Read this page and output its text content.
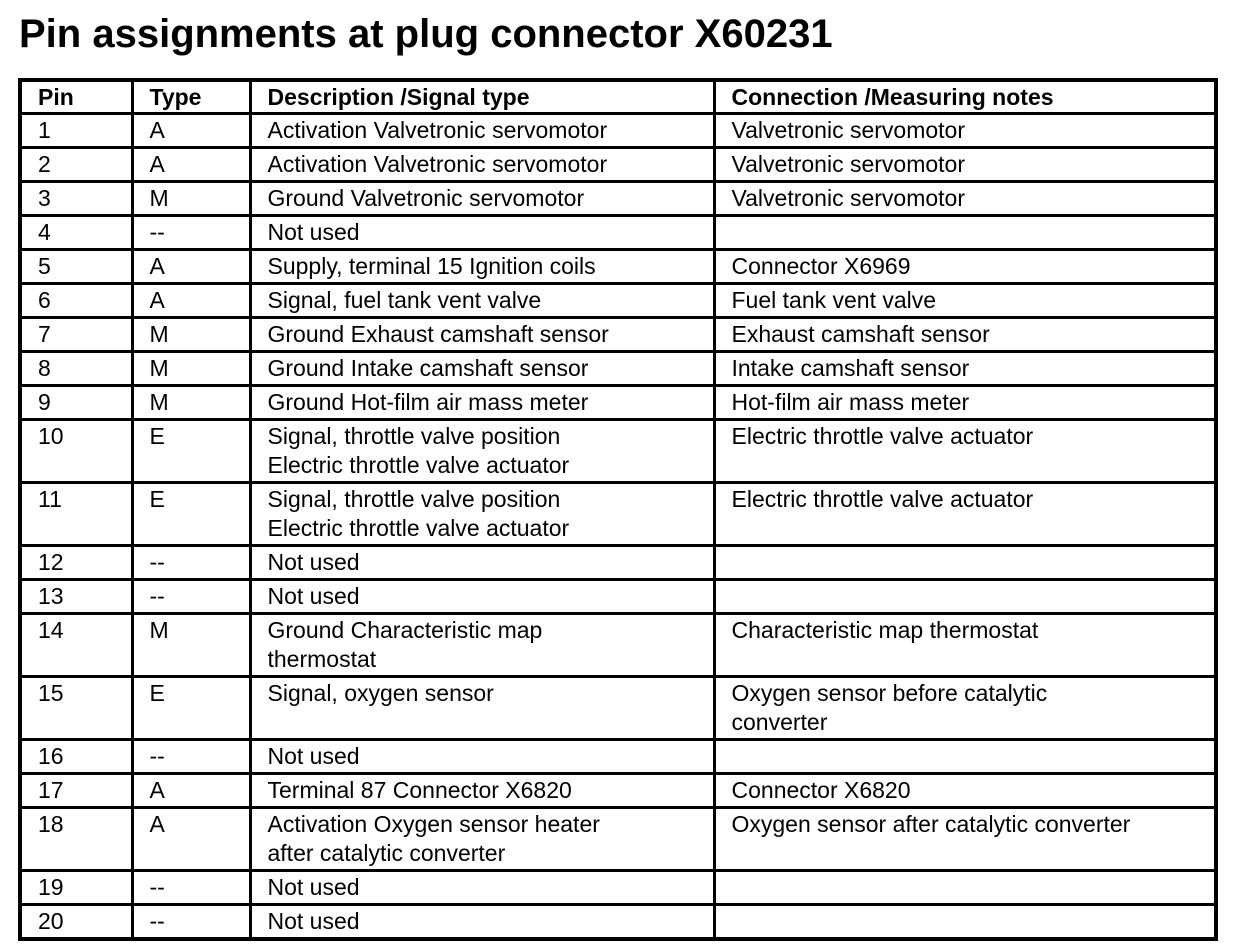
Pin assignments at plug connector X60231
Pin	Type	Description /Signal type	Connection /Measuring notes
1	A	Activation Valvetronic servomotor	Valvetronic servomotor
2	A	Activation Valvetronic servomotor	Valvetronic servomotor
3	M	Ground Valvetronic servomotor	Valvetronic servomotor
4	--	Not used	
5	A	Supply, terminal 15 Ignition coils	Connector X6969
6	A	Signal, fuel tank vent valve	Fuel tank vent valve
7	M	Ground Exhaust camshaft sensor	Exhaust camshaft sensor
8	M	Ground Intake camshaft sensor	Intake camshaft sensor
9	M	Ground Hot-film air mass meter	Hot-film air mass meter
10	E	Signal, throttle valve position
Electric throttle valve actuator	Electric throttle valve actuator
11	E	Signal, throttle valve position
Electric throttle valve actuator	Electric throttle valve actuator
12	--	Not used	
13	--	Not used	
14	M	Ground Characteristic map
thermostat	Characteristic map thermostat
15	E	Signal, oxygen sensor	Oxygen sensor before catalytic
converter
16	--	Not used	
17	A	Terminal 87 Connector X6820	Connector X6820
18	A	Activation Oxygen sensor heater
after catalytic converter	Oxygen sensor after catalytic converter
19	--	Not used	
20	--	Not used	
